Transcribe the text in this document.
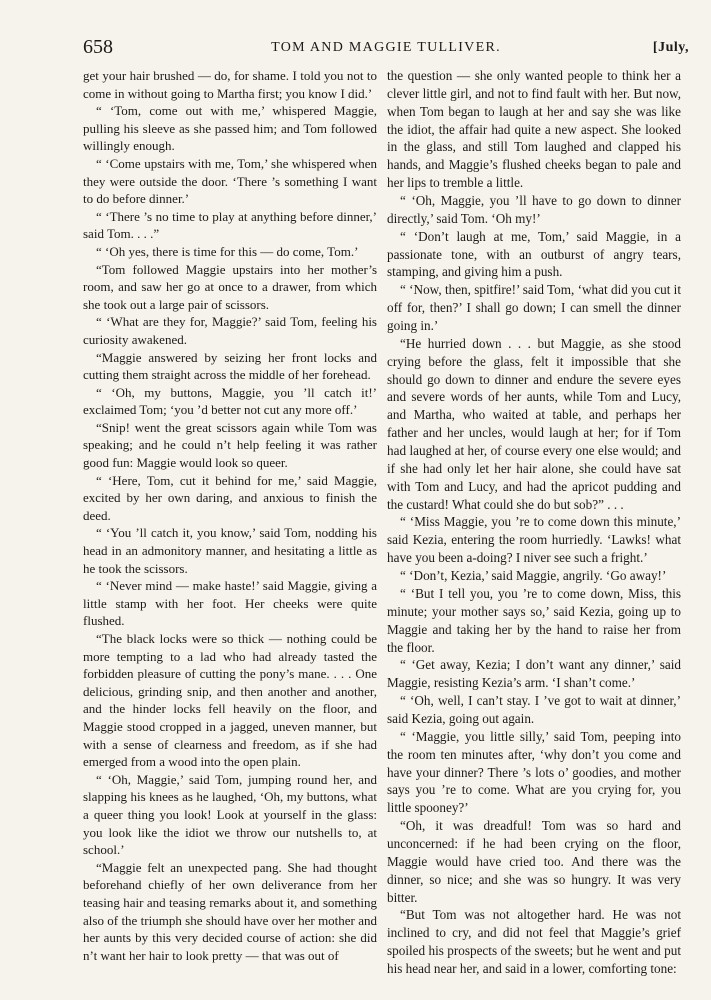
658	TOM AND MAGGIE TULLIVER.	[July,

get your hair brushed — do, for shame. I told you not to come in without going to Martha first; you know I did.’

“ ‘Tom, come out with me,’ whispered Maggie, pulling his sleeve as she passed him; and Tom followed willingly enough.

“ ‘Come upstairs with me, Tom,’ she whispered when they were outside the door. ‘There ’s something I want to do before dinner.’

“ ‘There ’s no time to play at anything before dinner,’ said Tom. . . .”

“ ‘Oh yes, there is time for this — do come, Tom.’

“Tom followed Maggie upstairs into her mother’s room, and saw her go at once to a drawer, from which she took out a large pair of scissors.

“ ‘What are they for, Maggie?’ said Tom, feeling his curiosity awakened.

“Maggie answered by seizing her front locks and cutting them straight across the middle of her forehead.

“ ‘Oh, my buttons, Maggie, you ’ll catch it!’ exclaimed Tom; ‘you ’d better not cut any more off.’

“Snip! went the great scissors again while Tom was speaking; and he could n’t help feeling it was rather good fun: Maggie would look so queer.

“ ‘Here, Tom, cut it behind for me,’ said Maggie, excited by her own daring, and anxious to finish the deed.

“ ‘You ’ll catch it, you know,’ said Tom, nodding his head in an admonitory manner, and hesitating a little as he took the scissors.

“ ‘Never mind — make haste!’ said Maggie, giving a little stamp with her foot. Her cheeks were quite flushed.

“The black locks were so thick — nothing could be more tempting to a lad who had already tasted the forbidden pleasure of cutting the pony’s mane. . . . One delicious, grinding snip, and then another and another, and the hinder locks fell heavily on the floor, and Maggie stood cropped in a jagged, uneven manner, but with a sense of clearness and freedom, as if she had emerged from a wood into the open plain.

“ ‘Oh, Maggie,’ said Tom, jumping round her, and slapping his knees as he laughed, ‘Oh, my buttons, what a queer thing you look! Look at yourself in the glass: you look like the idiot we throw our nutshells to, at school.’

“Maggie felt an unexpected pang. She had thought beforehand chiefly of her own deliverance from her teasing hair and teasing remarks about it, and something also of the triumph she should have over her mother and her aunts by this very decided course of action: she did n’t want her hair to look pretty — that was out of

the question — she only wanted people to think her a clever little girl, and not to find fault with her. But now, when Tom began to laugh at her and say she was like the idiot, the affair had quite a new aspect. She looked in the glass, and still Tom laughed and clapped his hands, and Maggie’s flushed cheeks began to pale and her lips to tremble a little.

“ ‘Oh, Maggie, you ’ll have to go down to dinner directly,’ said Tom. ‘Oh my!’

“ ‘Don’t laugh at me, Tom,’ said Maggie, in a passionate tone, with an outburst of angry tears, stamping, and giving him a push.

“ ‘Now, then, spitfire!’ said Tom, ‘what did you cut it off for, then?’ I shall go down; I can smell the dinner going in.’

“He hurried down . . . but Maggie, as she stood crying before the glass, felt it impossible that she should go down to dinner and endure the severe eyes and severe words of her aunts, while Tom and Lucy, and Martha, who waited at table, and perhaps her father and her uncles, would laugh at her; for if Tom had laughed at her, of course every one else would; and if she had only let her hair alone, she could have sat with Tom and Lucy, and had the apricot pudding and the custard! What could she do but sob?” . . .

“ ‘Miss Maggie, you ’re to come down this minute,’ said Kezia, entering the room hurriedly. ‘Lawks! what have you been a-doing? I niver see such a fright.’

“ ‘Don’t, Kezia,’ said Maggie, angrily. ‘Go away!’

“ ‘But I tell you, you ’re to come down, Miss, this minute; your mother says so,’ said Kezia, going up to Maggie and taking her by the hand to raise her from the floor.

“ ‘Get away, Kezia; I don’t want any dinner,’ said Maggie, resisting Kezia’s arm. ‘I shan’t come.’

“ ‘Oh, well, I can’t stay. I ’ve got to wait at dinner,’ said Kezia, going out again.

“ ‘Maggie, you little silly,’ said Tom, peeping into the room ten minutes after, ‘why don’t you come and have your dinner? There ’s lots o’ goodies, and mother says you ’re to come. What are you crying for, you little spooney?’

“Oh, it was dreadful! Tom was so hard and unconcerned: if he had been crying on the floor, Maggie would have cried too. And there was the dinner, so nice; and she was so hungry. It was very bitter.

“But Tom was not altogether hard. He was not inclined to cry, and did not feel that Maggie’s grief spoiled his prospects of the sweets; but he went and put his head near her, and said in a lower, comforting tone:
